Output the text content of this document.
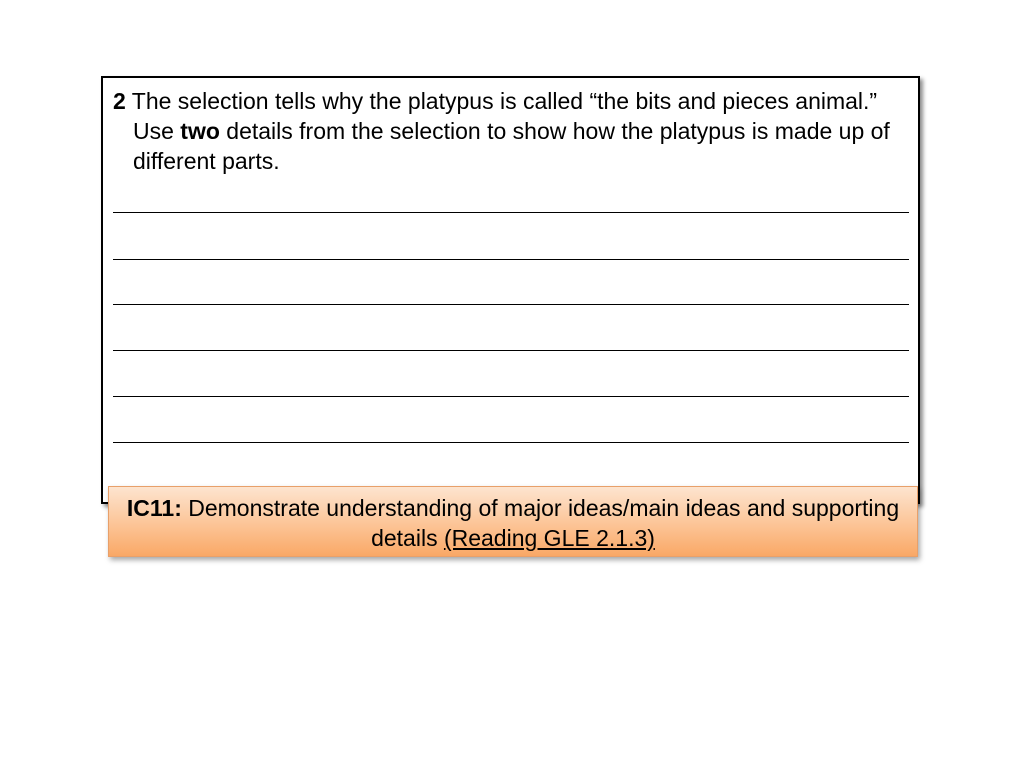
2 The selection tells why the platypus is called “the bits and pieces animal.” Use two details from the selection to show how the platypus is made up of different parts.

IC11: Demonstrate understanding of major ideas/main ideas and supporting details (Reading GLE 2.1.3)
